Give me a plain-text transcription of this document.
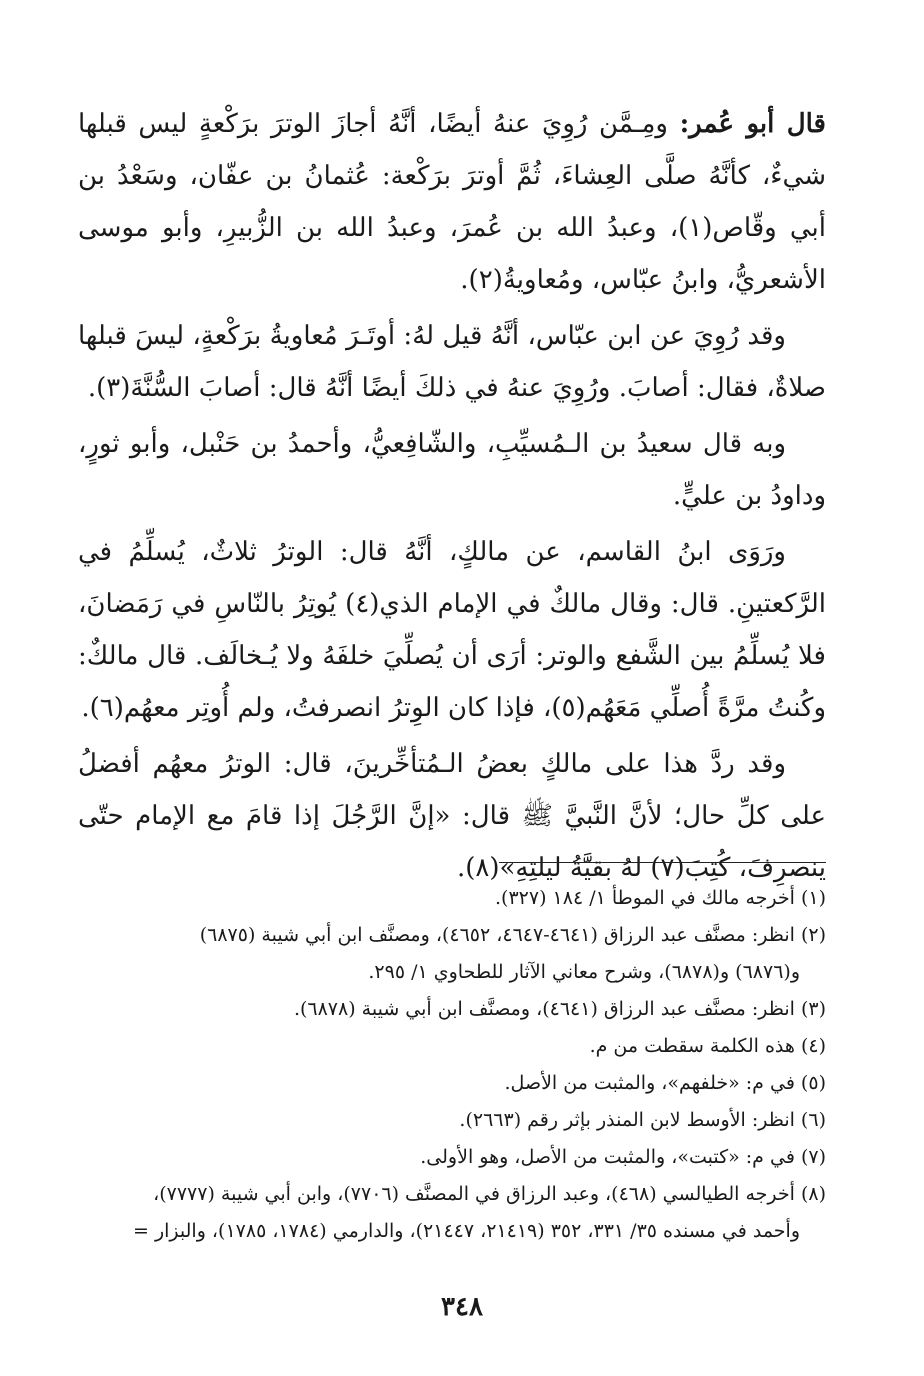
قال أبو عُمر: ومِـمَّن رُوِيَ عنهُ أيضًا، أنَّهُ أجازَ الوترَ برَكْعةٍ ليس قبلها شيءٌ، كأنَّهُ صلَّى العِشاءَ، ثُمَّ أوترَ برَكْعة: عُثمانُ بن عفّان، وسَعْدُ بن أبي وقّاص(١)، وعبدُ الله بن عُمرَ، وعبدُ الله بن الزُّبيرِ، وأبو موسى الأشعريُّ، وابنُ عبّاس، ومُعاويةُ(٢).

وقد رُوِيَ عن ابن عبّاس، أنَّهُ قيل لهُ: أوتَـرَ مُعاويةُ برَكْعةٍ، ليسَ قبلها صلاةٌ، فقال: أصابَ. ورُوِيَ عنهُ في ذلكَ أيضًا أنَّهُ قال: أصابَ السُّنَّةَ(٣).

وبه قال سعيدُ بن الـمُسيِّبِ، والشّافِعيُّ، وأحمدُ بن حَنْبل، وأبو ثورٍ، وداودُ بن عليٍّ.

ورَوَى ابنُ القاسم، عن مالكٍ، أنَّهُ قال: الوترُ ثلاثٌ، يُسلِّمُ في الرَّكعتينِ. قال: وقال مالكٌ في الإمام الذي(٤) يُوتِرُ بالنّاسِ في رَمَضانَ، فلا يُسلِّمُ بين الشَّفع والوتر: أرَى أن يُصلِّيَ خلفَهُ ولا يُـخالَف. قال مالكٌ: وكُنتُ مرَّةً أُصلِّي مَعَهُم(٥)، فإذا كان الوِترُ انصرفتُ، ولم أُوتِر معهُم(٦).

وقد ردَّ هذا على مالكٍ بعضُ الـمُتأخِّرينَ، قال: الوترُ معهُم أفضلُ على كلِّ حال؛ لأنَّ النَّبيَّ ﷺ قال: «إنَّ الرَّجُلَ إذا قامَ مع الإمام حتّى ينصرِفَ، كُتِبَ(٧) لهُ بقيَّةُ ليلتِهِ»(٨).

(١) أخرجه مالك في الموطأ ١/ ١٨٤ (٣٢٧).

(٢) انظر: مصنَّف عبد الرزاق (٤٦٤١-٤٦٤٧، ٤٦٥٢)، ومصنَّف ابن أبي شيبة (٦٨٧٥)

و(٦٨٧٦) و(٦٨٧٨)، وشرح معاني الآثار للطحاوي ١/ ٢٩٥.

(٣) انظر: مصنَّف عبد الرزاق (٤٦٤١)، ومصنَّف ابن أبي شيبة (٦٨٧٨).

(٤) هذه الكلمة سقطت من م.

(٥) في م: «خلفهم»، والمثبت من الأصل.

(٦) انظر: الأوسط لابن المنذر بإثر رقم (٢٦٦٣).

(٧) في م: «كتبت»، والمثبت من الأصل، وهو الأولى.

(٨) أخرجه الطيالسي (٤٦٨)، وعبد الرزاق في المصنَّف (٧٧٠٦)، وابن أبي شيبة (٧٧٧٧)،

وأحمد في مسنده ٣٥/ ٣٣١، ٣٥٢ (٢١٤١٩، ٢١٤٤٧)، والدارمي (١٧٨٤، ١٧٨٥)، والبزار =

٣٤٨
